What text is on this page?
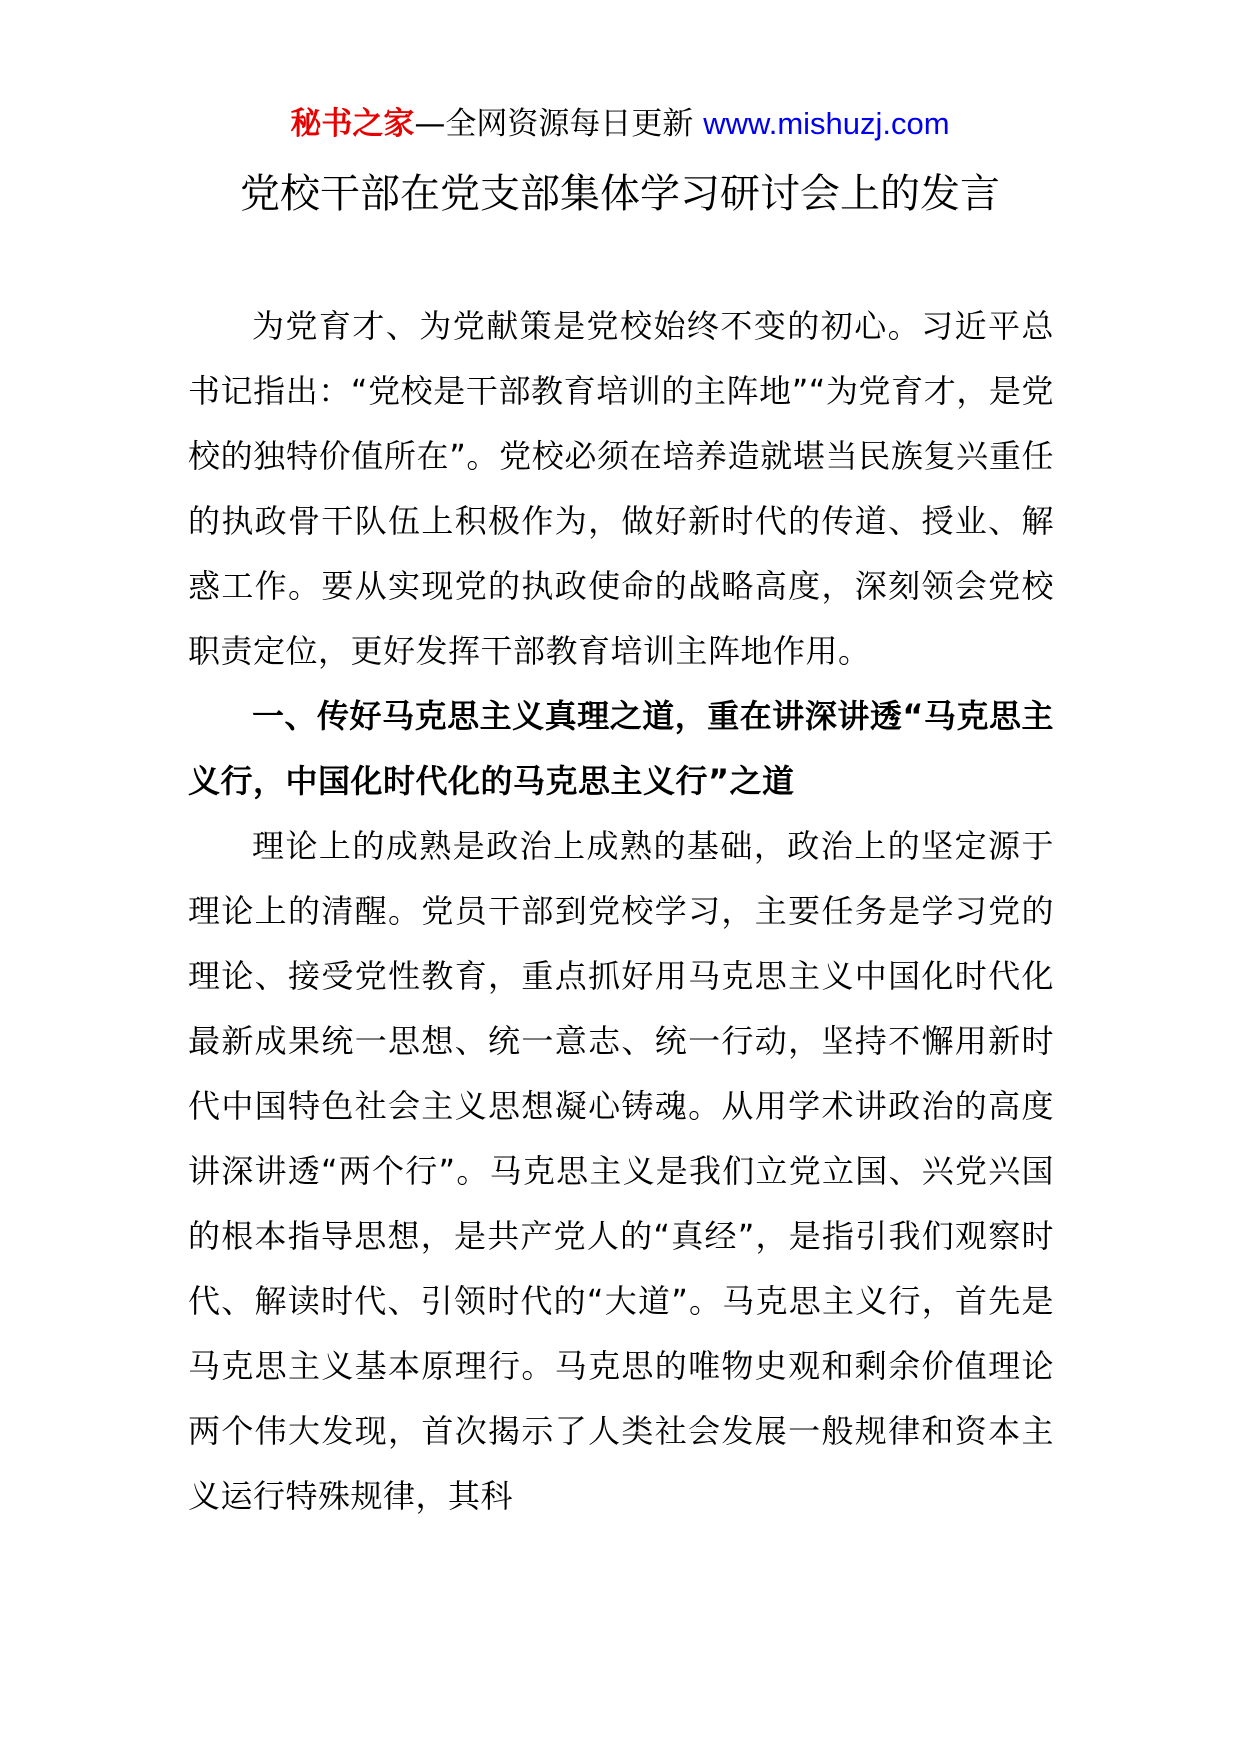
秘书之家—全网资源每日更新 www.mishuzj.com
党校干部在党支部集体学习研讨会上的发言

为党育才、为党献策是党校始终不变的初心。习近平总书记指出：“党校是干部教育培训的主阵地”“为党育才，是党校的独特价值所在”。党校必须在培养造就堪当民族复兴重任的执政骨干队伍上积极作为，做好新时代的传道、授业、解惑工作。要从实现党的执政使命的战略高度，深刻领会党校职责定位，更好发挥干部教育培训主阵地作用。

一、传好马克思主义真理之道，重在讲深讲透“马克思主义行，中国化时代化的马克思主义行”之道

理论上的成熟是政治上成熟的基础，政治上的坚定源于理论上的清醒。党员干部到党校学习，主要任务是学习党的理论、接受党性教育，重点抓好用马克思主义中国化时代化最新成果统一思想、统一意志、统一行动，坚持不懈用新时代中国特色社会主义思想凝心铸魂。从用学术讲政治的高度讲深讲透“两个行”。马克思主义是我们立党立国、兴党兴国的根本指导思想，是共产党人的“真经”，是指引我们观察时代、解读时代、引领时代的“大道”。马克思主义行，首先是马克思主义基本原理行。马克思的唯物史观和剩余价值理论两个伟大发现，首次揭示了人类社会发展一般规律和资本主义运行特殊规律，其科
